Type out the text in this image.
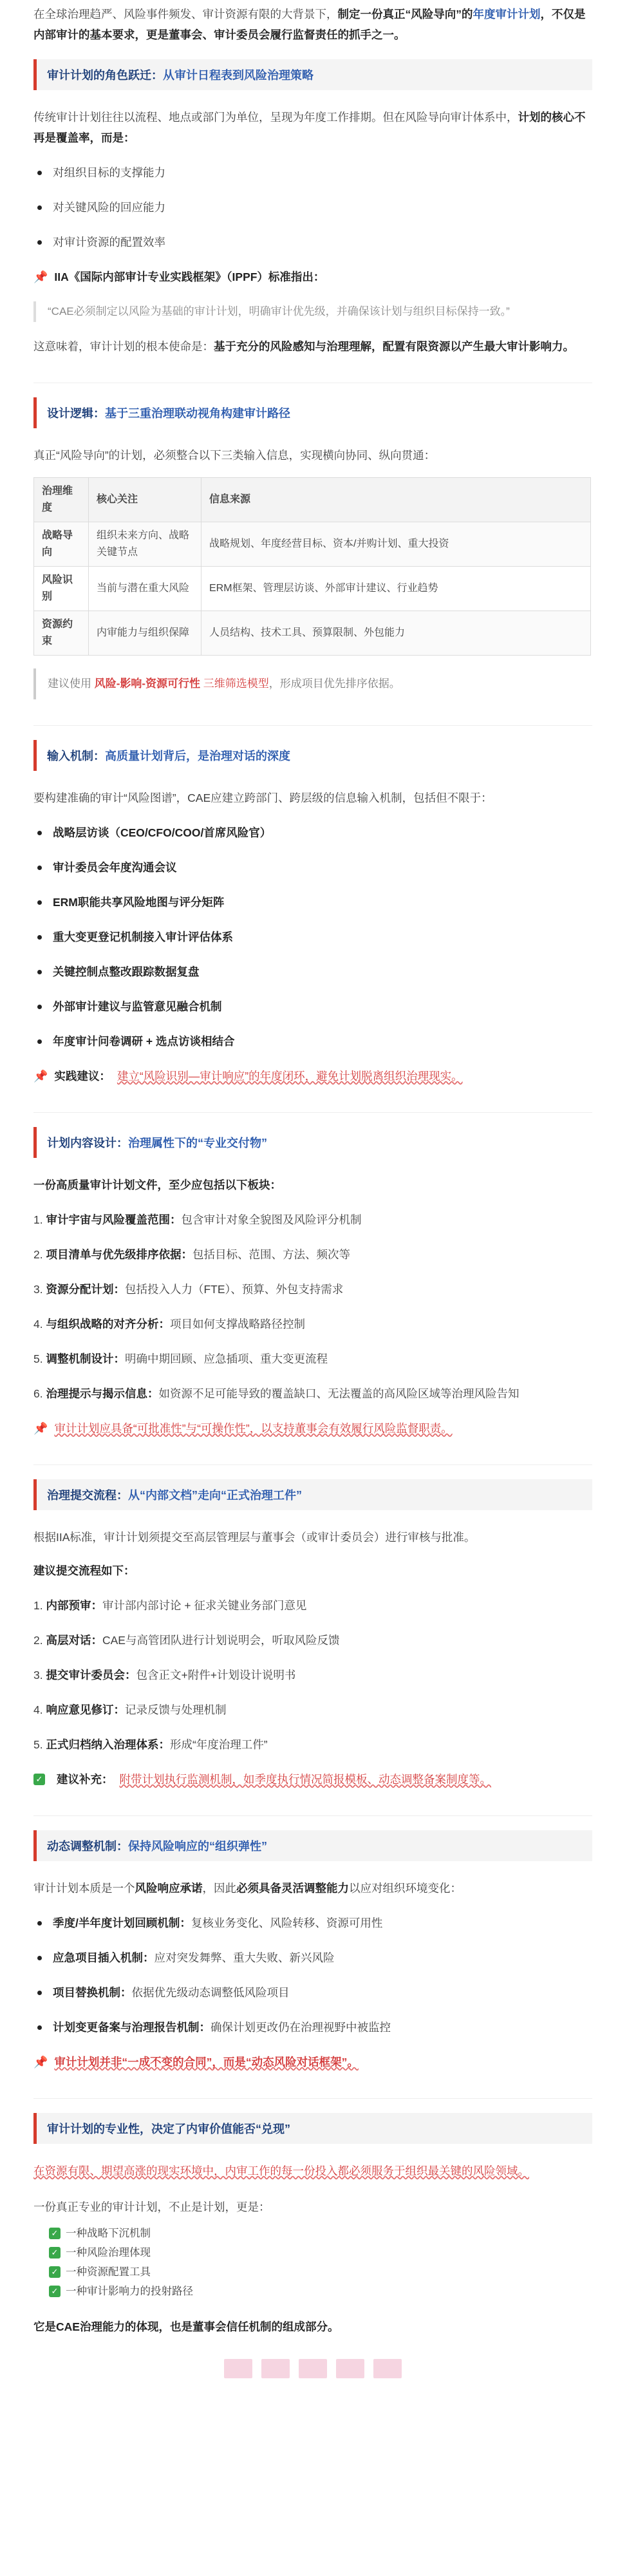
在全球治理趋严、风险事件频发、审计资源有限的大背景下，制定一份真正“风险导向”的年度审计计划，不仅是内部审计的基本要求，更是董事会、审计委员会履行监督责任的抓手之一。

审计计划的角色跃迁： 从审计日程表到风险治理策略

传统审计计划往往以流程、地点或部门为单位，呈现为年度工作排期。但在风险导向审计体系中，计划的核心不再是覆盖率，而是：

对组织目标的支撑能力
对关键风险的回应能力
对审计资源的配置效率
📌 IIA《国际内部审计专业实践框架》（IPPF）标准指出：
“CAE必须制定以风险为基础的审计计划，明确审计优先级，并确保该计划与组织目标保持一致。”

这意味着，审计计划的根本使命是：基于充分的风险感知与治理理解，配置有限资源以产生最大审计影响力。

设计逻辑： 基于三重治理联动视角构建审计路径

真正“风险导向”的计划，必须整合以下三类输入信息，实现横向协同、纵向贯通：

治理维度	核心关注	信息来源
战略导向	组织未来方向、战略关键节点	战略规划、年度经营目标、资本/并购计划、重大投资
风险识别	当前与潜在重大风险	ERM框架、管理层访谈、外部审计建议、行业趋势
资源约束	内审能力与组织保障	人员结构、技术工具、预算限制、外包能力
建议使用 风险-影响-资源可行性 三维筛选模型，形成项目优先排序依据。
输入机制： 高质量计划背后，是治理对话的深度

要构建准确的审计“风险图谱”，CAE应建立跨部门、跨层级的信息输入机制，包括但不限于：

战略层访谈（CEO/CFO/COO/首席风险官）
审计委员会年度沟通会议
ERM职能共享风险地图与评分矩阵
重大变更登记机制接入审计评估体系
关键控制点整改跟踪数据复盘
外部审计建议与监管意见融合机制
年度审计问卷调研 + 选点访谈相结合
📌 实践建议： 建立“风险识别—审计响应”的年度闭环，避免计划脱离组织治理现实。
计划内容设计： 治理属性下的“专业交付物”

一份高质量审计计划文件，至少应包括以下板块：

1. 审计宇宙与风险覆盖范围：包含审计对象全貌图及风险评分机制
2. 项目清单与优先级排序依据：包括目标、范围、方法、频次等
3. 资源分配计划：包括投入人力（FTE）、预算、外包支持需求
4. 与组织战略的对齐分析：项目如何支撑战略路径控制
5. 调整机制设计：明确中期回顾、应急插项、重大变更流程
6. 治理提示与揭示信息：如资源不足可能导致的覆盖缺口、无法覆盖的高风险区域等治理风险告知
📌 审计计划应具备“可批准性”与“可操作性”，以支持董事会有效履行风险监督职责。
治理提交流程： 从“内部文档”走向“正式治理工件”

根据IIA标准，审计计划须提交至高层管理层与董事会（或审计委员会）进行审核与批准。

建议提交流程如下：

1. 内部预审：审计部内部讨论 + 征求关键业务部门意见
2. 高层对话：CAE与高管团队进行计划说明会，听取风险反馈
3. 提交审计委员会：包含正文+附件+计划设计说明书
4. 响应意见修订：记录反馈与处理机制
5. 正式归档纳入治理体系：形成“年度治理工件”
✓ 建议补充： 附带计划执行监测机制，如季度执行情况简报模板、动态调整备案制度等。
动态调整机制： 保持风险响应的“组织弹性”

审计计划本质是一个风险响应承诺，因此必须具备灵活调整能力以应对组织环境变化：

季度/半年度计划回顾机制：复核业务变化、风险转移、资源可用性
应急项目插入机制：应对突发舞弊、重大失败、新兴风险
项目替换机制：依据优先级动态调整低风险项目
计划变更备案与治理报告机制：确保计划更改仍在治理视野中被监控
📌 审计计划并非“一成不变的合同”，而是“动态风险对话框架”。
审计计划的专业性，决定了内审价值能否“兑现”

在资源有限、期望高涨的现实环境中，内审工作的每一份投入都必须服务于组织最关键的风险领域。

一份真正专业的审计计划，不止是计划，更是：

✓ 一种战略下沉机制
✓ 一种风险治理体现
✓ 一种资源配置工具
✓ 一种审计影响力的投射路径

它是CAE治理能力的体现，也是董事会信任机制的组成部分。
